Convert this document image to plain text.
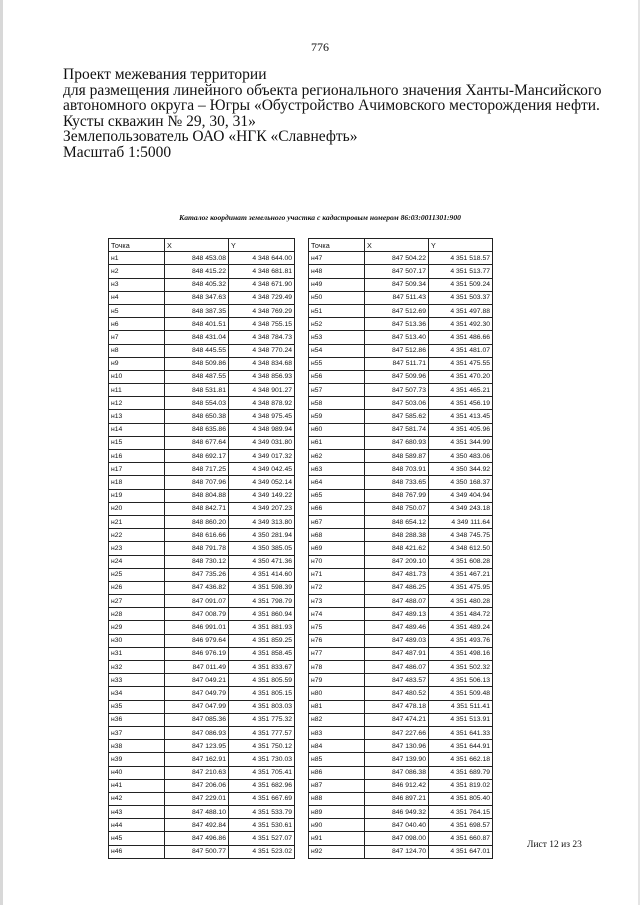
776
Проект межевания территории
для размещения линейного объекта регионального значения Ханты-Мансийского
автономного округа – Югры «Обустройство Ачимовского месторождения нефти.
Кусты скважин № 29, 30, 31»
Землепользователь ОАО «НГК «Славнефть»
Масштаб 1:5000
Каталог координат земельного участка с кадастровым номером 86:03:0011301:900
Точка	X	Y
н1	848 453.08	4 348 644.00
н2	848 415.22	4 348 681.81
н3	848 405.32	4 348 671.90
н4	848 347.63	4 348 729.49
н5	848 387.35	4 348 769.29
н6	848 401.51	4 348 755.15
н7	848 431.04	4 348 784.73
н8	848 445.55	4 348 770.24
н9	848 509.86	4 348 834.68
н10	848 487.55	4 348 856.93
н11	848 531.81	4 348 901.27
н12	848 554.03	4 348 878.92
н13	848 650.38	4 348 975.45
н14	848 635.86	4 348 989.94
н15	848 677.64	4 349 031.80
н16	848 692.17	4 349 017.32
н17	848 717.25	4 349 042.45
н18	848 707.96	4 349 052.14
н19	848 804.88	4 349 149.22
н20	848 842.71	4 349 207.23
н21	848 860.20	4 349 313.80
н22	848 616.66	4 350 281.94
н23	848 791.78	4 350 385.05
н24	848 730.12	4 350 471.36
н25	847 735.26	4 351 414.60
н26	847 436.82	4 351 598.39
н27	847 091.07	4 351 798.79
н28	847 008.79	4 351 860.94
н29	846 991.01	4 351 881.93
н30	846 979.64	4 351 859.25
н31	846 976.19	4 351 858.45
н32	847 011.49	4 351 833.67
н33	847 049.21	4 351 805.59
н34	847 049.79	4 351 805.15
н35	847 047.99	4 351 803.03
н36	847 085.36	4 351 775.32
н37	847 086.93	4 351 777.57
н38	847 123.95	4 351 750.12
н39	847 162.91	4 351 730.03
н40	847 210.63	4 351 705.41
н41	847 206.06	4 351 682.96
н42	847 229.01	4 351 667.69
н43	847 488.10	4 351 533.79
н44	847 492.84	4 351 530.61
н45	847 496.86	4 351 527.07
н46	847 500.77	4 351 523.02
Точка	X	Y
н47	847 504.22	4 351 518.57
н48	847 507.17	4 351 513.77
н49	847 509.34	4 351 509.24
н50	847 511.43	4 351 503.37
н51	847 512.69	4 351 497.88
н52	847 513.36	4 351 492.30
н53	847 513.40	4 351 486.66
н54	847 512.86	4 351 481.07
н55	847 511.71	4 351 475.55
н56	847 509.96	4 351 470.20
н57	847 507.73	4 351 465.21
н58	847 503.06	4 351 456.19
н59	847 585.62	4 351 413.45
н60	847 581.74	4 351 405.96
н61	847 680.93	4 351 344.99
н62	848 589.87	4 350 483.06
н63	848 703.91	4 350 344.92
н64	848 733.65	4 350 168.37
н65	848 767.99	4 349 404.94
н66	848 750.07	4 349 243.18
н67	848 654.12	4 349 111.64
н68	848 288.38	4 348 745.75
н69	848 421.62	4 348 612.50
н70	847 209.10	4 351 608.28
н71	847 481.73	4 351 467.21
н72	847 486.25	4 351 475.95
н73	847 488.07	4 351 480.28
н74	847 489.13	4 351 484.72
н75	847 489.46	4 351 489.24
н76	847 489.03	4 351 493.76
н77	847 487.91	4 351 498.16
н78	847 486.07	4 351 502.32
н79	847 483.57	4 351 506.13
н80	847 480.52	4 351 509.48
н81	847 478.18	4 351 511.41
н82	847 474.21	4 351 513.91
н83	847 227.66	4 351 641.33
н84	847 130.96	4 351 644.91
н85	847 139.90	4 351 662.18
н86	847 086.38	4 351 689.79
н87	846 912.42	4 351 819.02
н88	846 897.21	4 351 805.40
н89	846 949.32	4 351 764.15
н90	847 040.40	4 351 698.57
н91	847 098.00	4 351 660.87
н92	847 124.70	4 351 647.01
Лист 12 из 23
